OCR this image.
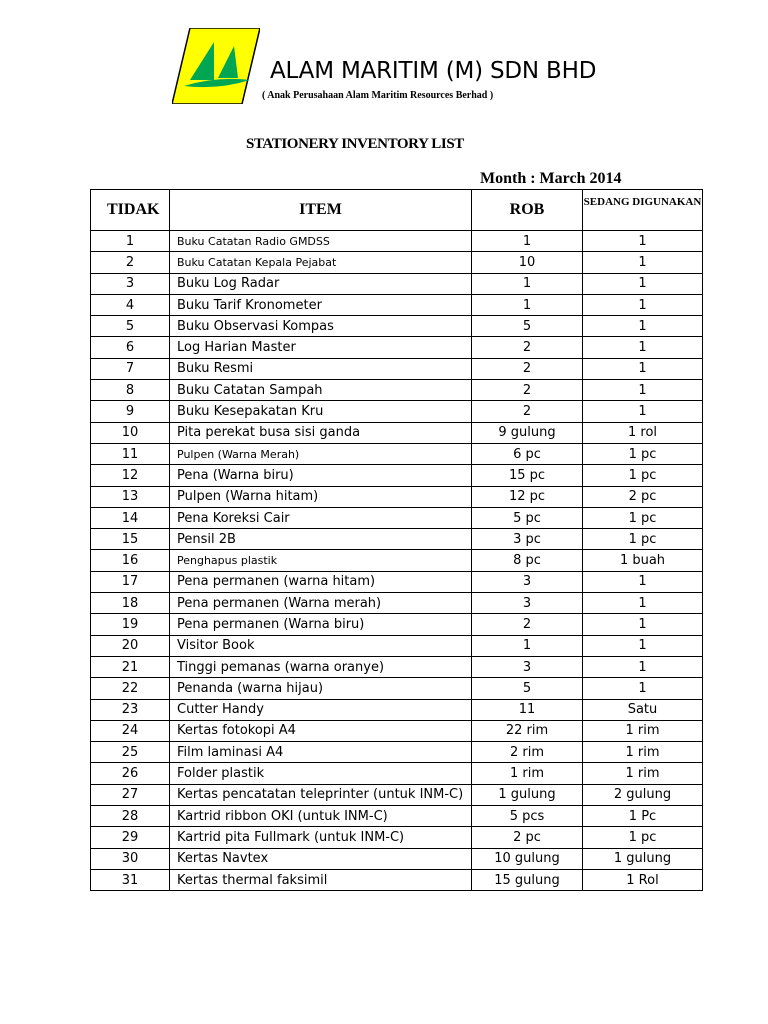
ALAM MARITIM (M) SDN BHD
( Anak Perusahaan Alam Maritim Resources Berhad )
STATIONERY INVENTORY LIST
Month : March 2014
TIDAK	ITEM	ROB	SEDANG DIGUNAKAN
1	Buku Catatan Radio GMDSS	1	1
2	Buku Catatan Kepala Pejabat	10	1
3	Buku Log Radar	1	1
4	Buku Tarif Kronometer	1	1
5	Buku Observasi Kompas	5	1
6	Log Harian Master	2	1
7	Buku Resmi	2	1
8	Buku Catatan Sampah	2	1
9	Buku Kesepakatan Kru	2	1
10	Pita perekat busa sisi ganda	9 gulung	1 rol
11	Pulpen (Warna Merah)	6 pc	1 pc
12	Pena (Warna biru)	15 pc	1 pc
13	Pulpen (Warna hitam)	12 pc	2 pc
14	Pena Koreksi Cair	5 pc	1 pc
15	Pensil 2B	3 pc	1 pc
16	Penghapus plastik	8 pc	1 buah
17	Pena permanen (warna hitam)	3	1
18	Pena permanen (Warna merah)	3	1
19	Pena permanen (Warna biru)	2	1
20	Visitor Book	1	1
21	Tinggi pemanas (warna oranye)	3	1
22	Penanda (warna hijau)	5	1
23	Cutter Handy	11	Satu
24	Kertas fotokopi A4	22 rim	1 rim
25	Film laminasi A4	2 rim	1 rim
26	Folder plastik	1 rim	1 rim
27	Kertas pencatatan teleprinter (untuk INM-C)	1 gulung	2 gulung
28	Kartrid ribbon OKI (untuk INM-C)	5 pcs	1 Pc
29	Kartrid pita Fullmark (untuk INM-C)	2 pc	1 pc
30	Kertas Navtex	10 gulung	1 gulung
31	Kertas thermal faksimil	15 gulung	1 Rol
